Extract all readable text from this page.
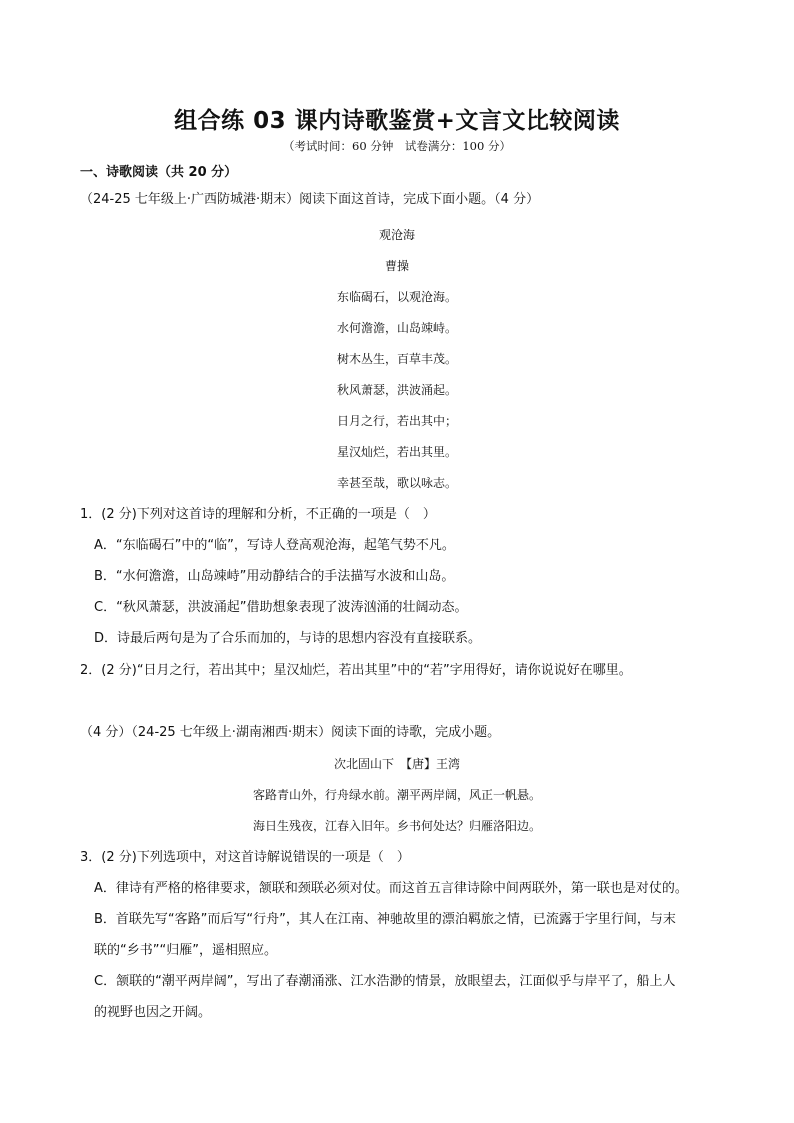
组合练 03 课内诗歌鉴赏+文言文比较阅读
（考试时间：60 分钟　试卷满分：100 分）
一、诗歌阅读（共 20 分）
（24-25 七年级上·广西防城港·期末）阅读下面这首诗，完成下面小题。（4 分）
观沧海
曹操
东临碣石，以观沧海。
水何澹澹，山岛竦峙。
树木丛生，百草丰茂。
秋风萧瑟，洪波涌起。
日月之行，若出其中；
星汉灿烂，若出其里。
幸甚至哉，歌以咏志。
1．(2 分)下列对这首诗的理解和分析，不正确的一项是（　）
A．“东临碣石”中的“临”，写诗人登高观沧海，起笔气势不凡。
B．“水何澹澹，山岛竦峙”用动静结合的手法描写水波和山岛。
C．“秋风萧瑟，洪波涌起”借助想象表现了波涛汹涌的壮阔动态。
D．诗最后两句是为了合乐而加的，与诗的思想内容没有直接联系。
2．(2 分)“日月之行，若出其中；星汉灿烂，若出其里”中的“若”字用得好，请你说说好在哪里。
（4 分）（24-25 七年级上·湖南湘西·期末）阅读下面的诗歌，完成小题。
次北固山下　【唐】王湾
客路青山外，行舟绿水前。潮平两岸阔，风正一帆悬。
海日生残夜，江春入旧年。乡书何处达？归雁洛阳边。
3．(2 分)下列选项中，对这首诗解说错误的一项是（　）
A．律诗有严格的格律要求，颔联和颈联必须对仗。而这首五言律诗除中间两联外，第一联也是对仗的。
B．首联先写“客路”而后写“行舟”，其人在江南、神驰故里的漂泊羁旅之情，已流露于字里行间，与末
联的“乡书”“归雁”，遥相照应。
C．颔联的“潮平两岸阔”，写出了春潮涌涨、江水浩渺的情景，放眼望去，江面似乎与岸平了，船上人
的视野也因之开阔。
